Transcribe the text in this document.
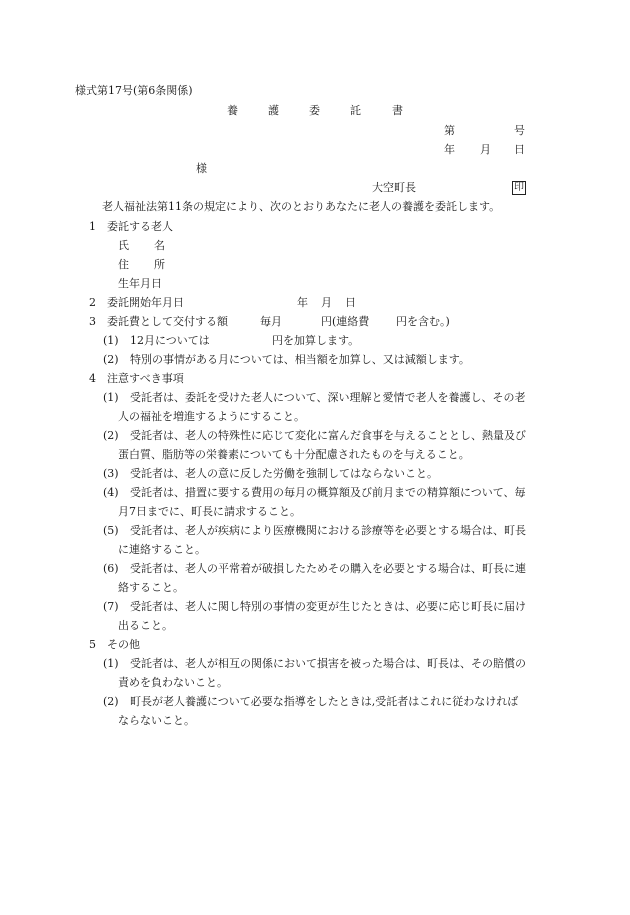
様式第17号(第6条関係)
養	護	委	託	書
第	号
年 月 日
様
大空町長	印
老人福祉法第11条の規定により、次のとおりあなたに老人の養護を委託します。
1　委託する老人
氏 名
住 所
生年月日
2　委託開始年月日	年 月 日
3　委託費として交付する額	毎月	円(連絡費 円を含む。)
(1) 12月については	円を加算します。
(2) 特別の事情がある月については、相当額を加算し、又は減額します。
4　注意すべき事項
(1) 受託者は、委託を受けた老人について、深い理解と愛情で老人を養護し、その老
人の福祉を増進するようにすること。
(2) 受託者は、老人の特殊性に応じて変化に富んだ食事を与えることとし、熱量及び
蛋白質、脂肪等の栄養素についても十分配慮されたものを与えること。
(3) 受託者は、老人の意に反した労働を強制してはならないこと。
(4) 受託者は、措置に要する費用の毎月の概算額及び前月までの精算額について、毎
月7日までに、町長に請求すること。
(5) 受託者は、老人が疾病により医療機関における診療等を必要とする場合は、町長
に連絡すること。
(6) 受託者は、老人の平常着が破損したためその購入を必要とする場合は、町長に連
絡すること。
(7) 受託者は、老人に関し特別の事情の変更が生じたときは、必要に応じ町長に届け
出ること。
5　その他
(1) 受託者は、老人が相互の関係において損害を被った場合は、町長は、その賠償の
責めを負わないこと。
(2) 町長が老人養護について必要な指導をしたときは,受託者はこれに従わなければ
ならないこと。
